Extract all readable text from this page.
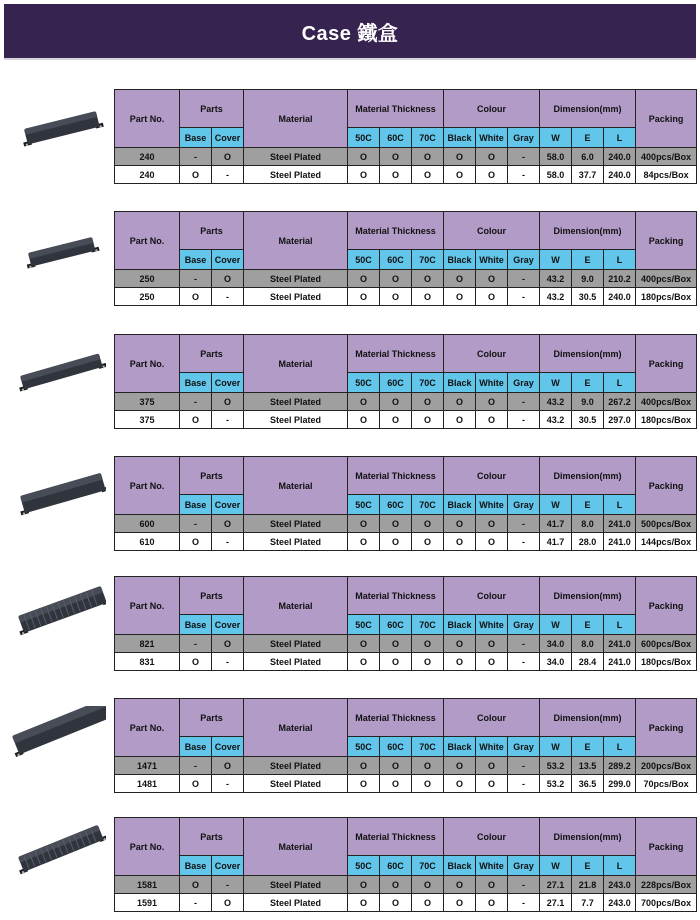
Case 鐵盒
Part No.	Parts		Material	Material Thickness			Colour			Dimension(mm)			Packing
	Base	Cover		50C	60C	70C	Black	White	Gray	W	E	L	
240	-	O	Steel Plated	O	O	O	O	O	-	58.0	6.0	240.0	400pcs/Box
240	O	-	Steel Plated	O	O	O	O	O	-	58.0	37.7	240.0	84pcs/Box
Part No.	Parts		Material	Material Thickness			Colour			Dimension(mm)			Packing
	Base	Cover		50C	60C	70C	Black	White	Gray	W	E	L	
250	-	O	Steel Plated	O	O	O	O	O	-	43.2	9.0	210.2	400pcs/Box
250	O	-	Steel Plated	O	O	O	O	O	-	43.2	30.5	240.0	180pcs/Box
Part No.	Parts		Material	Material Thickness			Colour			Dimension(mm)			Packing
	Base	Cover		50C	60C	70C	Black	White	Gray	W	E	L	
375	-	O	Steel Plated	O	O	O	O	O	-	43.2	9.0	267.2	400pcs/Box
375	O	-	Steel Plated	O	O	O	O	O	-	43.2	30.5	297.0	180pcs/Box
Part No.	Parts		Material	Material Thickness			Colour			Dimension(mm)			Packing
	Base	Cover		50C	60C	70C	Black	White	Gray	W	E	L	
600	-	O	Steel Plated	O	O	O	O	O	-	41.7	8.0	241.0	500pcs/Box
610	O	-	Steel Plated	O	O	O	O	O	-	41.7	28.0	241.0	144pcs/Box
Part No.	Parts		Material	Material Thickness			Colour			Dimension(mm)			Packing
	Base	Cover		50C	60C	70C	Black	White	Gray	W	E	L	
821	-	O	Steel Plated	O	O	O	O	O	-	34.0	8.0	241.0	600pcs/Box
831	O	-	Steel Plated	O	O	O	O	O	-	34.0	28.4	241.0	180pcs/Box
Part No.	Parts		Material	Material Thickness			Colour			Dimension(mm)			Packing
	Base	Cover		50C	60C	70C	Black	White	Gray	W	E	L	
1471	-	O	Steel Plated	O	O	O	O	O	-	53.2	13.5	289.2	200pcs/Box
1481	O	-	Steel Plated	O	O	O	O	O	-	53.2	36.5	299.0	70pcs/Box
Part No.	Parts		Material	Material Thickness			Colour			Dimension(mm)			Packing
	Base	Cover		50C	60C	70C	Black	White	Gray	W	E	L	
1581	O	-	Steel Plated	O	O	O	O	O	-	27.1	21.8	243.0	228pcs/Box
1591	-	O	Steel Plated	O	O	O	O	O	-	27.1	7.7	243.0	700pcs/Box
